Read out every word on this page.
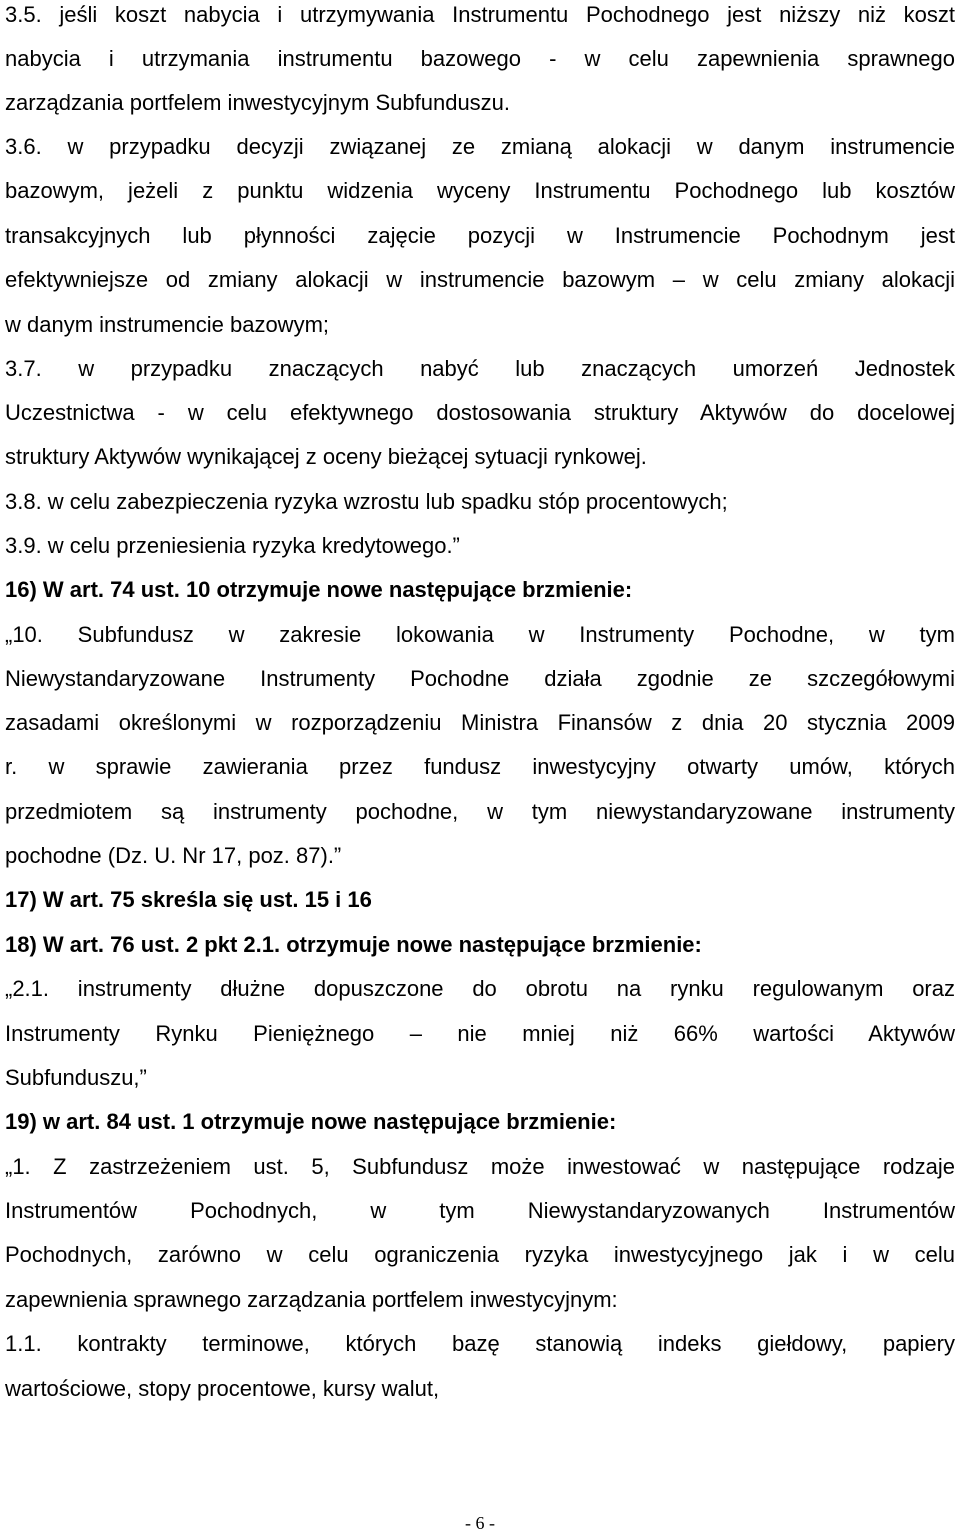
3.5. jeśli koszt nabycia i utrzymywania Instrumentu Pochodnego jest niższy niż koszt
nabycia i utrzymania instrumentu bazowego - w celu zapewnienia sprawnego
zarządzania portfelem inwestycyjnym Subfunduszu.
3.6. w przypadku decyzji związanej ze zmianą alokacji w danym instrumencie
bazowym, jeżeli z punktu widzenia wyceny Instrumentu Pochodnego lub kosztów
transakcyjnych lub płynności zajęcie pozycji w Instrumencie Pochodnym jest
efektywniejsze od zmiany alokacji w instrumencie bazowym – w celu zmiany alokacji
w danym instrumencie bazowym;
3.7. w przypadku znaczących nabyć lub znaczących umorzeń Jednostek
Uczestnictwa - w celu efektywnego dostosowania struktury Aktywów do docelowej
struktury Aktywów wynikającej z oceny bieżącej sytuacji rynkowej.
3.8. w celu zabezpieczenia ryzyka wzrostu lub spadku stóp procentowych;
3.9. w celu przeniesienia ryzyka kredytowego.”
16) W art. 74 ust. 10 otrzymuje nowe następujące brzmienie:
„10. Subfundusz w zakresie lokowania w Instrumenty Pochodne, w tym
Niewystandaryzowane Instrumenty Pochodne działa zgodnie ze szczegółowymi
zasadami określonymi w rozporządzeniu Ministra Finansów z dnia 20 stycznia 2009
r. w sprawie zawierania przez fundusz inwestycyjny otwarty umów, których
przedmiotem są instrumenty pochodne, w tym niewystandaryzowane instrumenty
pochodne (Dz. U. Nr 17, poz. 87).”
17) W art. 75 skreśla się ust. 15 i 16
18) W art. 76 ust. 2 pkt 2.1. otrzymuje nowe następujące brzmienie:
„2.1. instrumenty dłużne dopuszczone do obrotu na rynku regulowanym oraz
Instrumenty Rynku Pieniężnego – nie mniej niż 66% wartości Aktywów
Subfunduszu,”
19) w art. 84 ust. 1 otrzymuje nowe następujące brzmienie:
„1. Z zastrzeżeniem ust. 5, Subfundusz może inwestować w następujące rodzaje
Instrumentów Pochodnych, w tym Niewystandaryzowanych Instrumentów
Pochodnych, zarówno w celu ograniczenia ryzyka inwestycyjnego jak i w celu
zapewnienia sprawnego zarządzania portfelem inwestycyjnym:
1.1. kontrakty terminowe, których bazę stanowią indeks giełdowy, papiery
wartościowe, stopy procentowe, kursy walut,
- 6 -
